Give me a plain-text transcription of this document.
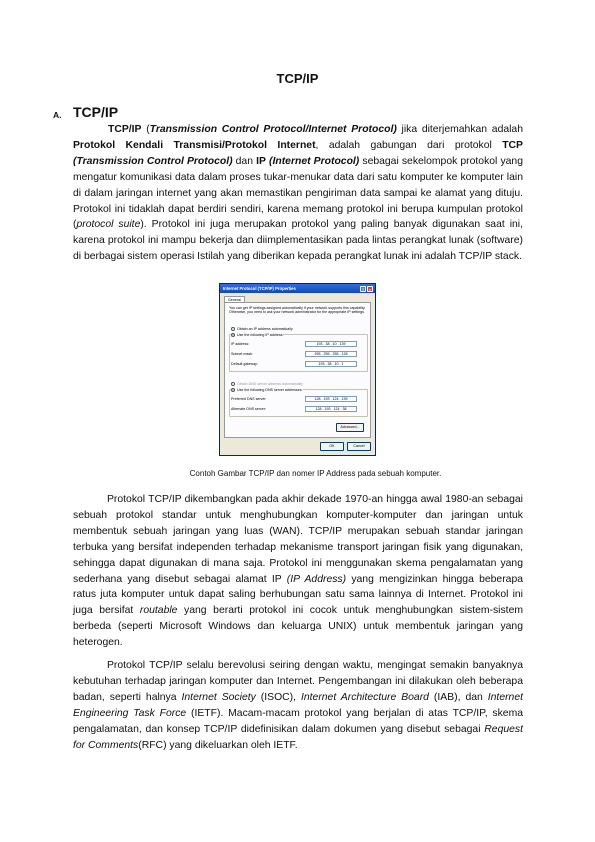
TCP/IP
A. TCP/IP

TCP/IP (Transmission Control Protocol/Internet Protocol) jika diterjemahkan adalah Protokol Kendali Transmisi/Protokol Internet, adalah gabungan dari protokol TCP (Transmission Control Protocol) dan IP (Internet Protocol) sebagai sekelompok protokol yang mengatur komunikasi data dalam proses tukar-menukar data dari satu komputer ke komputer lain di dalam jaringan internet yang akan memastikan pengiriman data sampai ke alamat yang dituju. Protokol ini tidaklah dapat berdiri sendiri, karena memang protokol ini berupa kumpulan protokol (protocol suite). Protokol ini juga merupakan protokol yang paling banyak digunakan saat ini, karena protokol ini mampu bekerja dan diimplementasikan pada lintas perangkat lunak (software) di berbagai sistem operasi Istilah yang diberikan kepada perangkat lunak ini adalah TCP/IP stack.

Internet Protocol (TCP/IP) Properties	?	×
General
You can get IP settings assigned automatically if your network supports this capability. Otherwise, you need to ask your network administrator for the appropriate IP settings.
Obtain an IP address automatically
Use the following IP address:
IP address:	193 . 38 . 10 . 139
Subnet mask:	255 . 255 . 255 . 128
Default gateway:	193 . 38 . 10 . 1
Obtain DNS server address automatically
Use the following DNS server addresses:
Preferred DNS server:	128 . 193 . 124 . 139
Alternate DNS server:	128 . 193 . 124 . 38
Advanced...
OK	Cancel
Contoh Gambar TCP/IP dan nomer IP Address pada sebuah komputer.

Protokol TCP/IP dikembangkan pada akhir dekade 1970-an hingga awal 1980-an sebagai sebuah protokol standar untuk menghubungkan komputer-komputer dan jaringan untuk membentuk sebuah jaringan yang luas (WAN). TCP/IP merupakan sebuah standar jaringan terbuka yang bersifat independen terhadap mekanisme transport jaringan fisik yang digunakan, sehingga dapat digunakan di mana saja. Protokol ini menggunakan skema pengalamatan yang sederhana yang disebut sebagai alamat IP (IP Address) yang mengizinkan hingga beberapa ratus juta komputer untuk dapat saling berhubungan satu sama lainnya di Internet. Protokol ini juga bersifat routable yang berarti protokol ini cocok untuk menghubungkan sistem-sistem berbeda (seperti Microsoft Windows dan keluarga UNIX) untuk membentuk jaringan yang heterogen.

Protokol TCP/IP selalu berevolusi seiring dengan waktu, mengingat semakin banyaknya kebutuhan terhadap jaringan komputer dan Internet. Pengembangan ini dilakukan oleh beberapa badan, seperti halnya Internet Society (ISOC), Internet Architecture Board (IAB), dan Internet Engineering Task Force (IETF). Macam-macam protokol yang berjalan di atas TCP/IP, skema pengalamatan, dan konsep TCP/IP didefinisikan dalam dokumen yang disebut sebagai Request for Comments(RFC) yang dikeluarkan oleh IETF.
